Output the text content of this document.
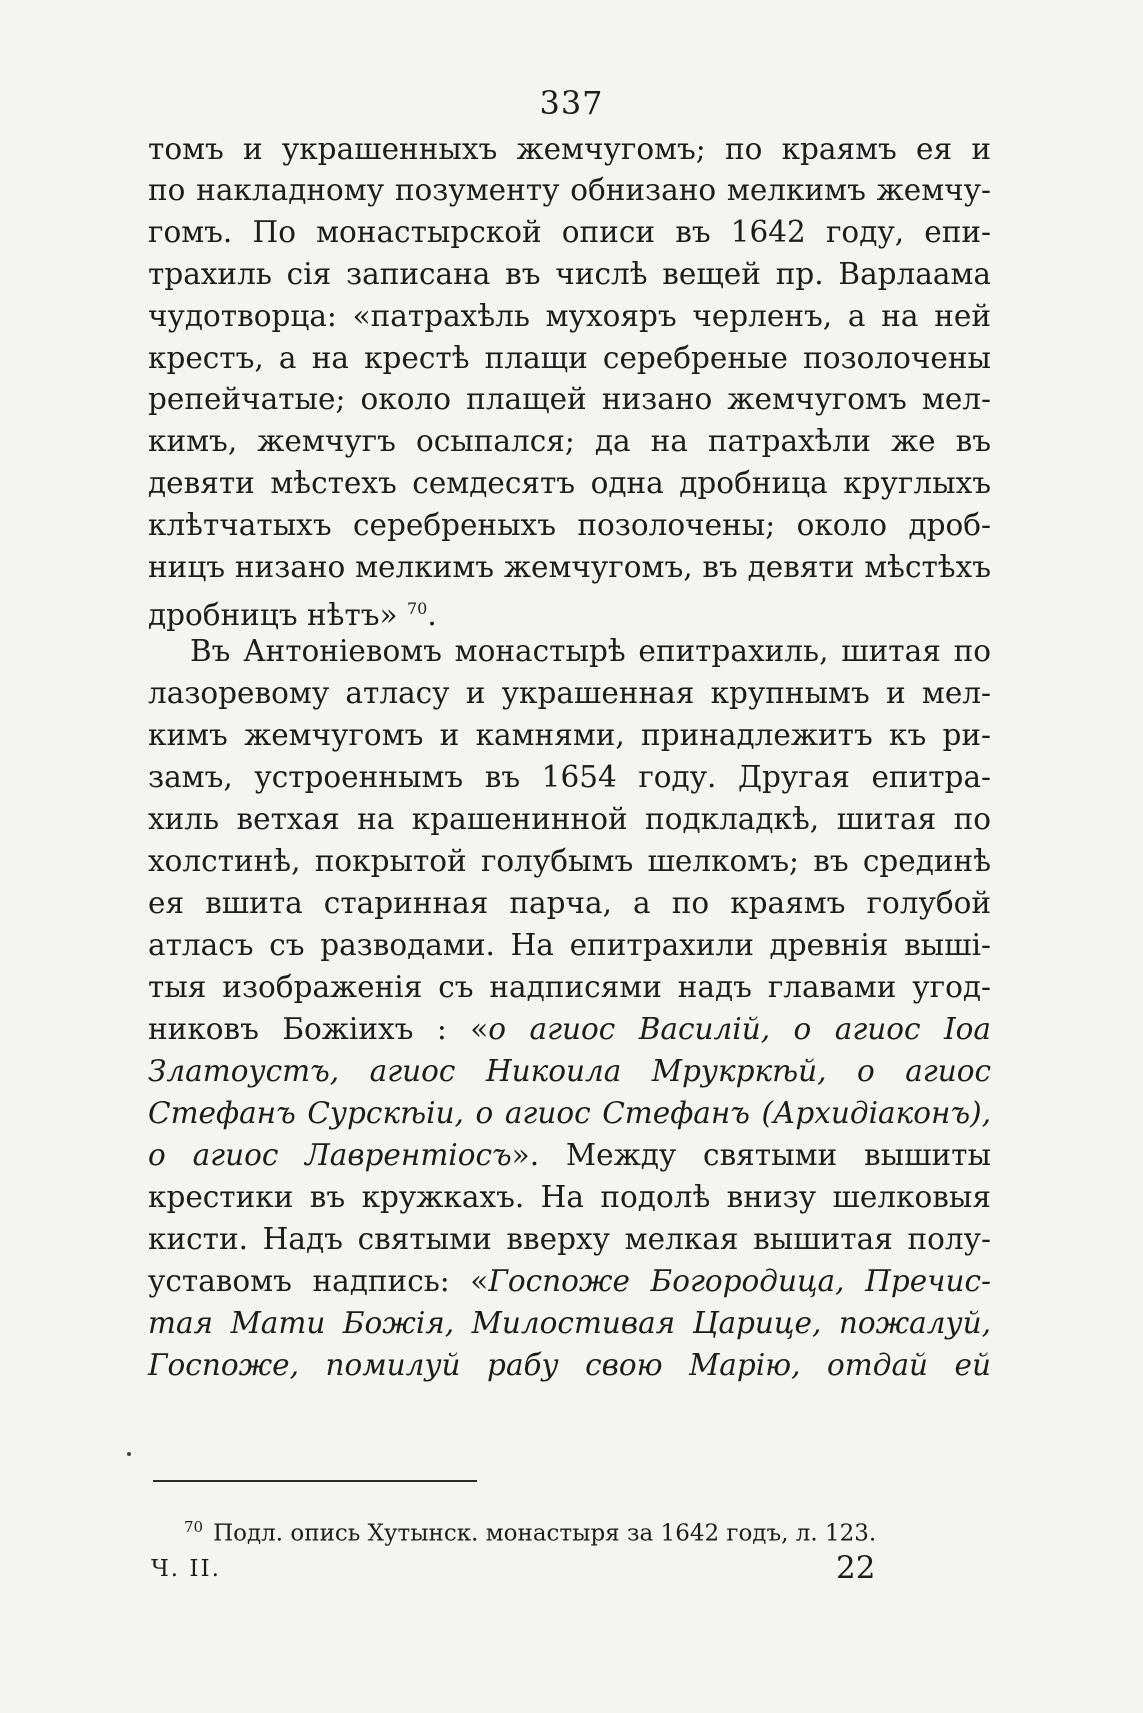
337
томъ и украшенныхъ жемчугомъ; по краямъ ея и
по накладному позументу обнизано мелкимъ жемчу-
гомъ. По монастырской описи въ 1642 году, епи-
трахиль сія записана въ числѣ вещей пр. Варлаама
чудотворца: «патрахѣль мухояръ черленъ, а на ней
крестъ, а на крестѣ плащи серебреные позолочены
репейчатые; около плащей низано жемчугомъ мел-
кимъ, жемчугъ осыпался; да на патрахѣли же въ
девяти мѣстехъ семдесятъ одна дробница круглыхъ
клѣтчатыхъ серебреныхъ позолочены; около дроб-
ницъ низано мелкимъ жемчугомъ, въ девяти мѣстѣхъ
дробницъ нѣтъ» $^{70}$.
Въ Антоніевомъ монастырѣ епитрахиль, шитая по
лазоревому атласу и украшенная крупнымъ и мел-
кимъ жемчугомъ и камнями, принадлежитъ къ ри-
замъ, устроеннымъ въ 1654 году. Другая епитра-
хиль ветхая на крашенинной подкладкѣ, шитая по
холстинѣ, покрытой голубымъ шелкомъ; въ срединѣ
ея вшита старинная парча, а по краямъ голубой
атласъ съ разводами. На епитрахили древнія вышi-
тыя изображенія съ надписями надъ главами угод-
никовъ Божіихъ : «о агиос Василій, о агиос Іоа
Златоустъ, агиос Никоила Мрукркѣй, о агиос
Стефанъ Сурскѣіи, о агиос Стефанъ (Архидіаконъ),
о агиос Лаврентіосъ». Между святыми вышиты
крестики въ кружкахъ. На подолѣ внизу шелковыя
кисти. Надъ святыми вверху мелкая вышитая полу-
уставомъ надпись: «Госпоже Богородица, Пречис-
тая Мати Божія, Милостивая Царице, пожалуй,
Госпоже, помилуй рабу свою Марію, отдай ей
$^{70}$ Подл. опись Хутынск. монастыря за 1642 годъ, л. 123.
Ч. II.	22
